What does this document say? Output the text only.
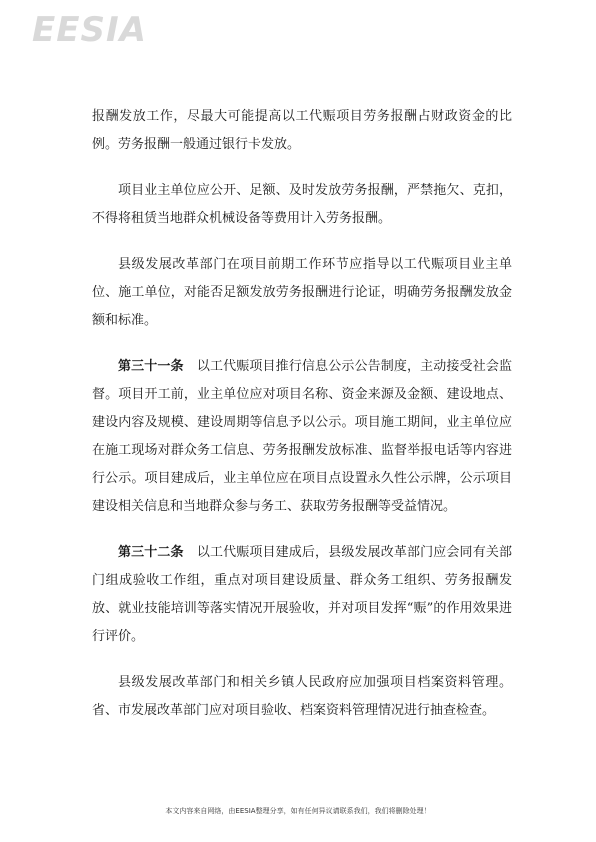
EESIA

报酬发放工作，尽最大可能提高以工代赈项目劳务报酬占财政资金的比例。劳务报酬一般通过银行卡发放。

项目业主单位应公开、足额、及时发放劳务报酬，严禁拖欠、克扣，不得将租赁当地群众机械设备等费用计入劳务报酬。

县级发展改革部门在项目前期工作环节应指导以工代赈项目业主单位、施工单位，对能否足额发放劳务报酬进行论证，明确劳务报酬发放金额和标准。

第三十一条　 以工代赈项目推行信息公示公告制度，主动接受社会监督。项目开工前，业主单位应对项目名称、资金来源及金额、建设地点、建设内容及规模、建设周期等信息予以公示。项目施工期间，业主单位应在施工现场对群众务工信息、劳务报酬发放标准、监督举报电话等内容进行公示。项目建成后，业主单位应在项目点设置永久性公示牌，公示项目建设相关信息和当地群众参与务工、获取劳务报酬等受益情况。

第三十二条　 以工代赈项目建成后，县级发展改革部门应会同有关部门组成验收工作组，重点对项目建设质量、群众务工组织、劳务报酬发放、就业技能培训等落实情况开展验收，并对项目发挥“赈”的作用效果进行评价。

县级发展改革部门和相关乡镇人民政府应加强项目档案资料管理。省、市发展改革部门应对项目验收、档案资料管理情况进行抽查检查。

本文内容来自网络，由EESIA整理分享，如有任何异议请联系我们，我们将删除处理！
